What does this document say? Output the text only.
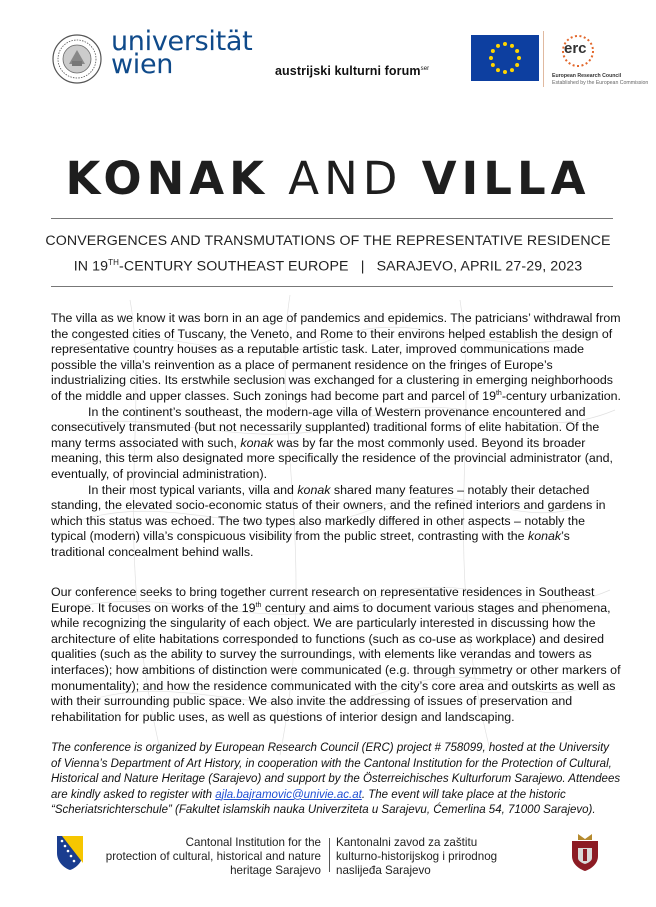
universität
wien	austrijski kulturni forum$^{ser}$
erc
European Research Council
Established by the European Commission
KONAK AND VILLA
CONVERGENCES AND TRANSMUTATIONS OF THE REPRESENTATIVE RESIDENCE
IN 19TH-CENTURY SOUTHEAST EUROPE   |   SARAJEVO, APRIL 27-29, 2023

The villa as we know it was born in an age of pandemics and epidemics. The patricians’ withdrawal from the congested cities of Tuscany, the Veneto, and Rome to their environs helped establish the design of representative country houses as a reputable artistic task. Later, improved communications made possible the villa’s reinvention as a place of permanent residence on the fringes of Europe’s industrializing cities. Its erstwhile seclusion was exchanged for a clustering in emerging neighborhoods of the middle and upper classes. Such zonings had become part and parcel of 19th-century urbanization.

In the continent’s southeast, the modern-age villa of Western provenance encountered and consecutively transmuted (but not necessarily supplanted) traditional forms of elite habitation. Of the many terms associated with such, konak was by far the most commonly used. Beyond its broader meaning, this term also designated more specifically the residence of the provincial administrator (and, eventually, of provincial administration).

In their most typical variants, villa and konak shared many features – notably their detached standing, the elevated socio-economic status of their owners, and the refined interiors and gardens in which this status was echoed. The two types also markedly differed in other aspects – notably the typical (modern) villa’s conspicuous visibility from the public street, contrasting with the konak’s traditional concealment behind walls.

Our conference seeks to bring together current research on representative residences in Southeast Europe. It focuses on works of the 19th century and aims to document various stages and phenomena, while recognizing the singularity of each object. We are particularly interested in discussing how the architecture of elite habitations corresponded to functions (such as co-use as workplace) and desired qualities (such as the ability to survey the surroundings, with elements like verandas and towers as interfaces); how ambitions of distinction were communicated (e.g. through symmetry or other markers of monumentality); and how the residence communicated with the city’s core area and outskirts as well as with their surrounding public space. We also invite the addressing of issues of preservation and rehabilitation for public uses, as well as questions of interior design and landscaping.

The conference is organized by European Research Council (ERC) project # 758099, hosted at the University of Vienna’s Department of Art History, in cooperation with the Cantonal Institution for the Protection of Cultural, Historical and Nature Heritage (Sarajevo) and support by the Österreichisches Kulturforum Sarajewo. Attendees are kindly asked to register with ajla.bajramovic@univie.ac.at. The event will take place at the historic “Scheriatsrichterschule” (Fakultet islamskih nauka Univerziteta u Sarajevu, Ćemerlina 54, 71000 Sarajevo).
Cantonal Institution for the
protection of cultural, historical and nature
heritage Sarajevo
Kantonalni zavod za zaštitu
kulturno-historijskog i prirodnog
naslijeđa Sarajevo
